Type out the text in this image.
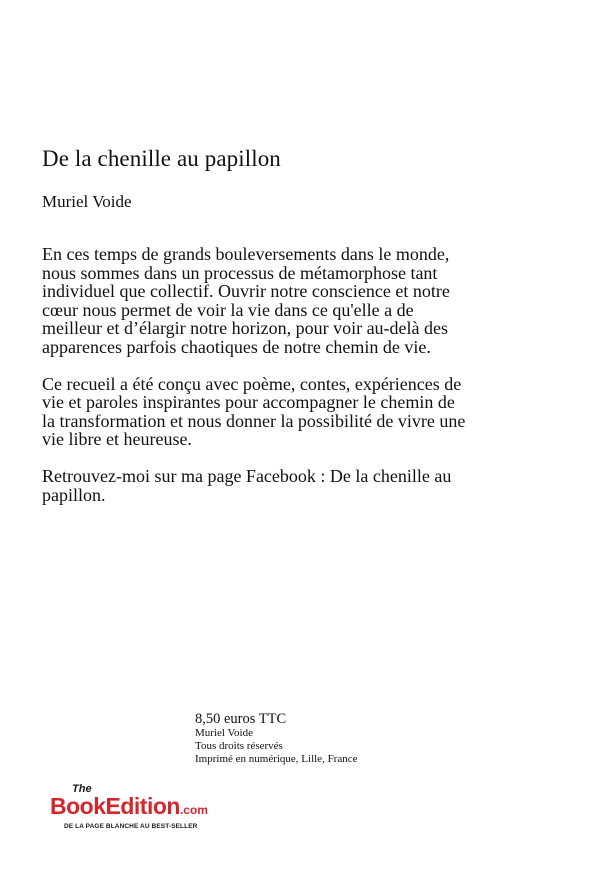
De la chenille au papillon

Muriel Voide

En ces temps de grands bouleversements dans le monde, nous sommes dans un processus de métamorphose tant individuel que collectif. Ouvrir notre conscience et notre cœur nous permet de voir la vie dans ce qu'elle a de meilleur et d’élargir notre horizon, pour voir au-delà des apparences parfois chaotiques de notre chemin de vie.

Ce recueil a été conçu avec poème, contes, expériences de vie et paroles inspirantes pour accompagner le chemin de la transformation et nous donner la possibilité de vivre une vie libre et heureuse.

Retrouvez-moi sur ma page Facebook : De la chenille au papillon.

8,50 euros TTC

Muriel Voide

Tous droits réservés

Imprimé en numérique, Lille, France

The
BookEdition.com
DE LA PAGE BLANCHE AU BEST-SELLER
